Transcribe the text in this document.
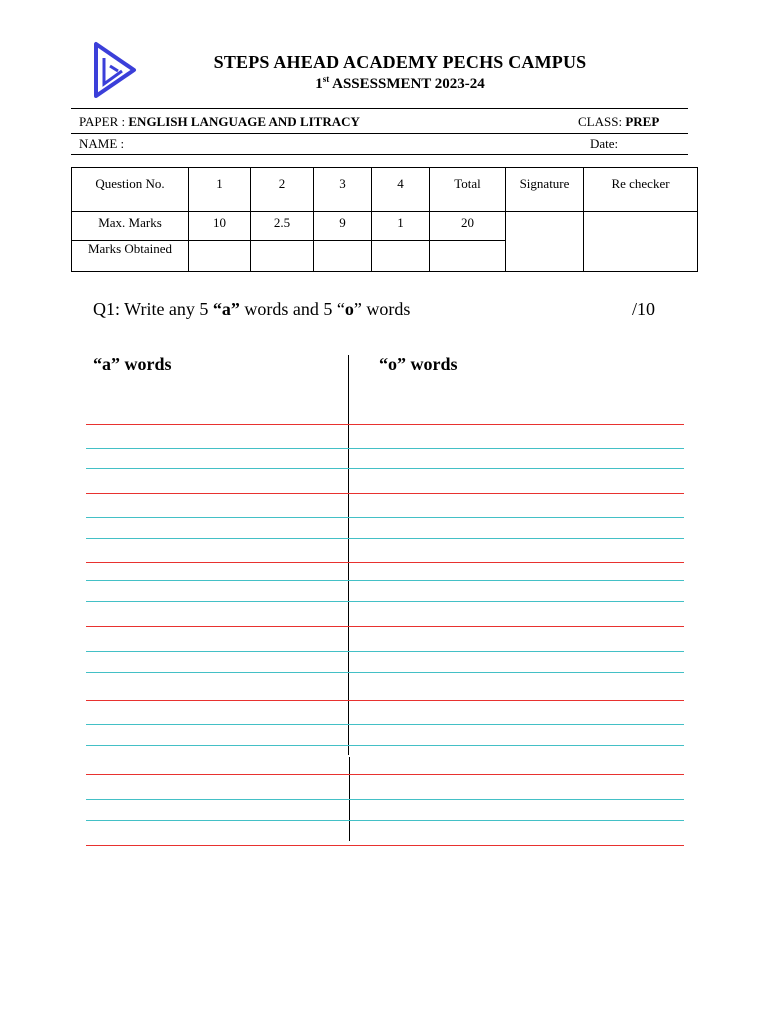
STEPS AHEAD ACADEMY PECHS CAMPUS
1st ASSESSMENT 2023-24
PAPER : ENGLISH LANGUAGE AND LITRACY	CLASS: PREP
NAME :	Date:
Question No.	1	2	3	4	Total	Signature	Re checker
Max. Marks	10	2.5	9	1	20		
Marks Obtained							
Q1: Write any 5 “a” words and 5 “o” words	/10
“a” words	“o” words
